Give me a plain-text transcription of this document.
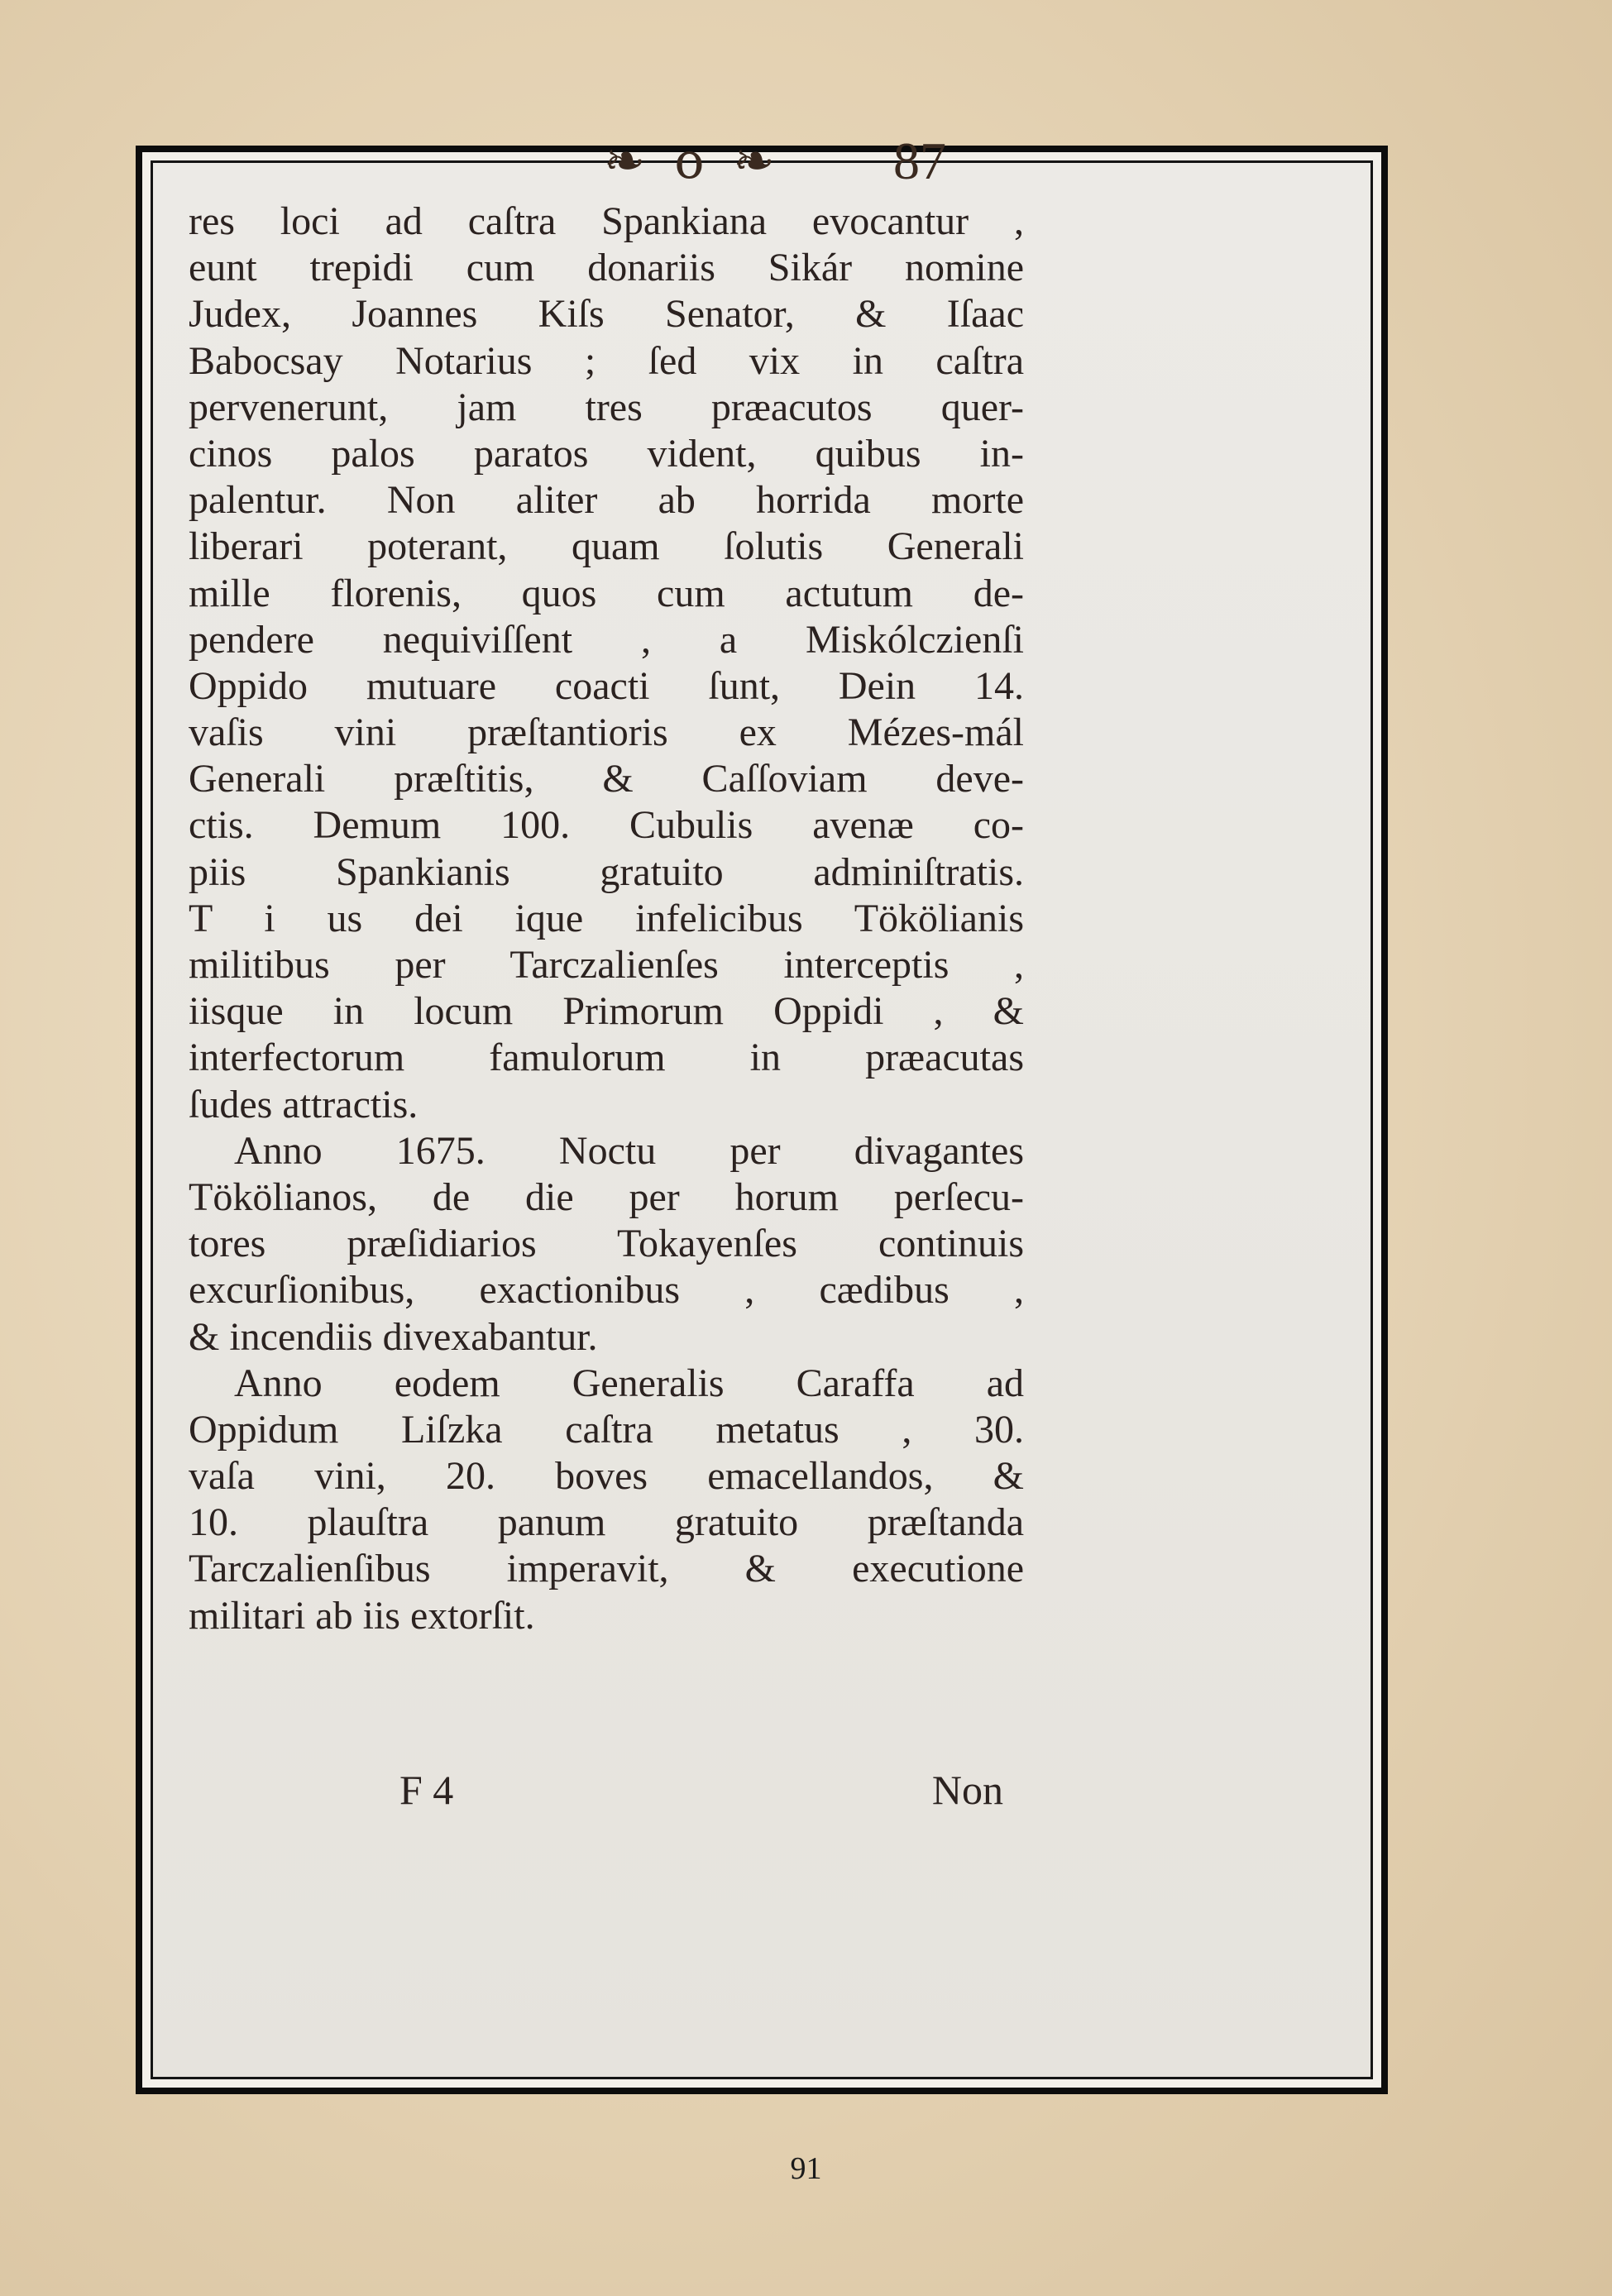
❧ o ❧ 87
res loci ad caſtra Spankiana evocantur ,
eunt trepidi cum donariis Sikár nomine
Judex, Joannes Kiſs Senator, & Iſaac
Babocsay Notarius ; ſed vix in caſtra
pervenerunt, jam tres præacutos quer-
cinos palos paratos vident, quibus in-
palentur. Non aliter ab horrida morte
liberari poterant, quam ſolutis Generali
mille florenis, quos cum actutum de-
pendere nequiviſſent , a Miskólczienſi
Oppido mutuare coacti ſunt, Dein 14.
vaſis vini præſtantioris ex Mézes-mál
Generali præſtitis, & Caſſoviam deve-
ctis. Demum 100. Cubulis avenæ co-
piis Spankianis gratuito adminiſtratis.
T i us dei ique infelicibus Tökölianis
militibus per Tarczalienſes interceptis ,
iisque in locum Primorum Oppidi , &
interfectorum famulorum in præacutas
ſudes attractis.
Anno 1675. Noctu per divagantes
Tökölianos, de die per horum perſecu-
tores præſidiarios Tokayenſes continuis
excurſionibus, exactionibus , cædibus ,
& incendiis divexabantur.
Anno eodem Generalis Caraffa ad
Oppidum Liſzka caſtra metatus , 30.
vaſa vini, 20. boves emacellandos, &
10. plauſtra panum gratuito præſtanda
Tarczalienſibus imperavit, & executione
militari ab iis extorſit.
F 4	Non
91
